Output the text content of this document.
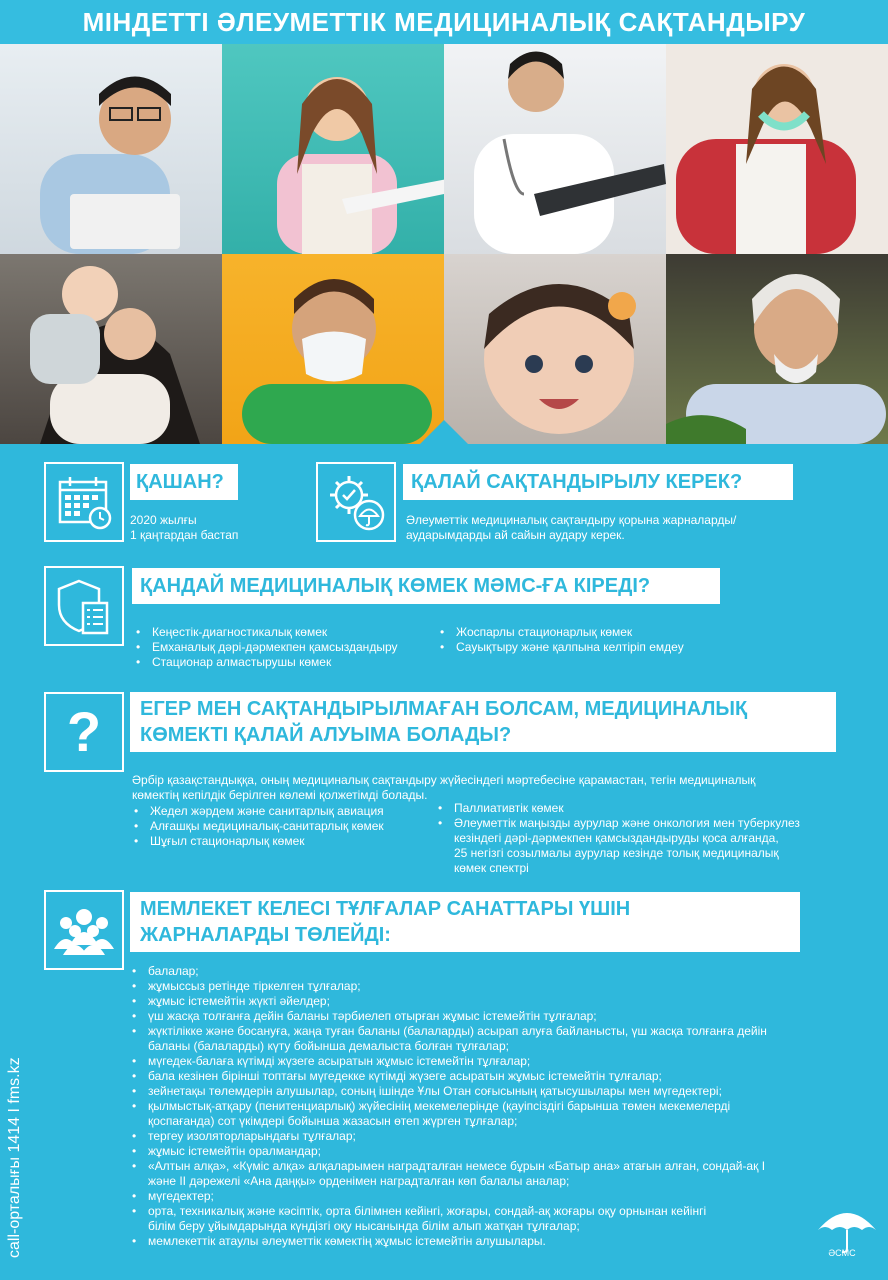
МІНДЕТТІ ӘЛЕУМЕТТІК МЕДИЦИНАЛЫҚ САҚТАНДЫРУ
ҚАШАН?
2020 жылғы
1 қаңтардан бастап
ҚАЛАЙ САҚТАНДЫРЫЛУ КЕРЕК?
Әлеуметтік медициналық сақтандыру қорына жарналарды/
аударымдарды ай сайын аудару керек.
ҚАНДАЙ МЕДИЦИНАЛЫҚ КӨМЕК МӘМС-ҒА КІРЕДІ?
• Кеңестік-диагностикалық көмек
• Емханалық дәрі-дәрмекпен қамсыздандыру
• Стационар алмастырушы көмек
• Жоспарлы стационарлық көмек
• Сауықтыру және қалпына келтіріп емдеу
? ЕГЕР МЕН САҚТАНДЫРЫЛМАҒАН БОЛСАМ, МЕДИЦИНАЛЫҚ
КӨМЕКТІ ҚАЛАЙ АЛУЫМА БОЛАДЫ?
Әрбір қазақстандыққа, оның медициналық сақтандыру жүйесіндегі мәртебесіне қарамастан, тегін медициналық
көмектің кепілдік берілген көлемі қолжетімді болады.
• Жедел жәрдем және санитарлық авиация
• Алғашқы медициналық-санитарлық көмек
• Шұғыл стационарлық көмек
• Паллиативтік көмек
• Әлеуметтік маңызды аурулар және онкология мен туберкулез
кезіндегі дәрі-дәрмекпен қамсыздандыруды қоса алғанда,
25 негізгі созылмалы аурулар кезінде толық медициналық
көмек спектрі
МЕМЛЕКЕТ КЕЛЕСІ ТҰЛҒАЛАР САНАТТАРЫ ҮШІН
ЖАРНАЛАРДЫ ТӨЛЕЙДІ:
• балалар;
• жұмыссыз ретінде тіркелген тұлғалар;
• жұмыс істемейтін жүкті әйелдер;
• үш жасқа толғанға дейін баланы тәрбиелеп отырған жұмыс істемейтін тұлғалар;
• жүктілікке және босануға, жаңа туған баланы (балаларды) асырап алуға байланысты, үш жасқа толғанға дейін
баланы (балаларды) күту бойынша демалыста болған тұлғалар;
• мүгедек-балаға күтімді жүзеге асыратын жұмыс істемейтін тұлғалар;
• бала кезінен бірінші топтағы мүгедекке күтімді жүзеге асыратын жұмыс істемейтін тұлғалар;
• зейнетақы төлемдерін алушылар, соның ішінде Ұлы Отан соғысының қатысушылары мен мүгедектері;
• қылмыстық-атқару (пенитенциарлық) жүйесінің мекемелерінде (қауіпсіздігі барынша төмен мекемелерді
қоспағанда) сот үкімдері бойынша жазасын өтеп жүрген тұлғалар;
• тергеу изоляторларындағы тұлғалар;
• жұмыс істемейтін оралмандар;
• «Алтын алқа», «Күміс алқа» алқаларымен наградталған немесе бұрын «Батыр ана» атағын алған, сондай-ақ І
және ІІ дәрежелі «Ана даңқы» орденімен наградталған көп балалы аналар;
• мүгедектер;
• орта, техникалық және кәсіптік, орта білімнен кейінгі, жоғары, сондай-ақ жоғары оқу орнынан кейінгі
білім беру ұйымдарында күндізгі оқу нысанында білім алып жатқан тұлғалар;
• мемлекеттік атаулы әлеуметтік көмектің жұмыс істемейтін алушылары.
call-орталығы 1414 I fms.kz	ӘСМС
